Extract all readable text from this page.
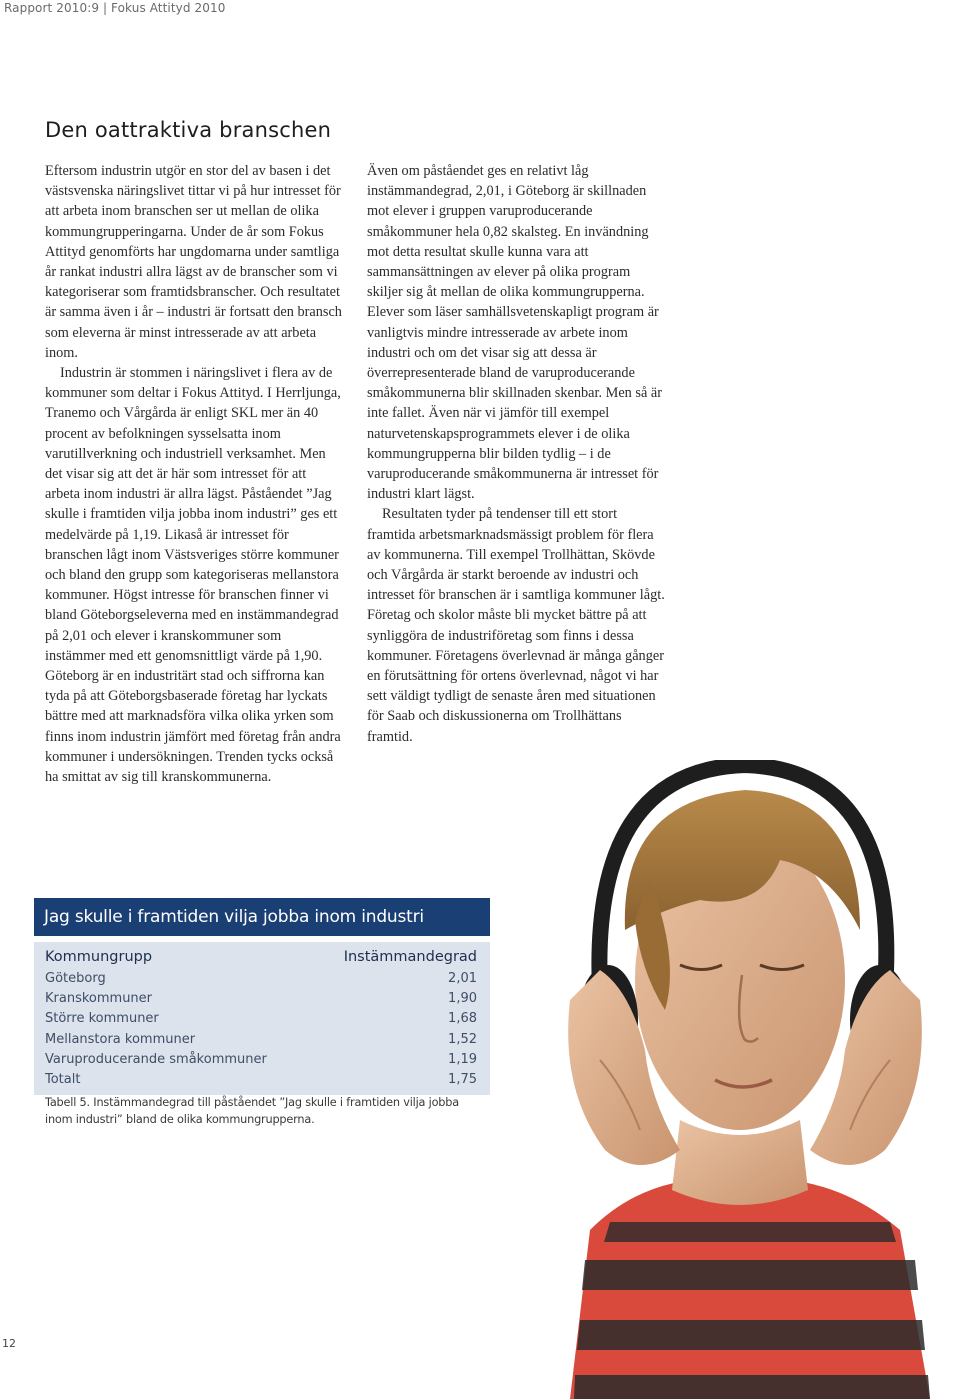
Rapport 2010:9 | Fokus Attityd 2010
Den oattraktiva branschen

Eftersom industrin utgör en stor del av basen i det västsvenska näringslivet tittar vi på hur intresset för att arbeta inom branschen ser ut mellan de olika kommungrupperingarna. Under de år som Fokus Attityd genomförts har ungdomarna under samtliga år rankat industri allra lägst av de branscher som vi kategoriserar som framtidsbranscher. Och resultatet är samma även i år – industri är fortsatt den bransch som eleverna är minst intresserade av att arbeta inom.

Industrin är stommen i näringslivet i flera av de kommuner som deltar i Fokus Attityd. I Herrljunga, Tranemo och Vårgårda är enligt SKL mer än 40 procent av befolkningen sysselsatta inom varutillverkning och industriell verksamhet. Men det visar sig att det är här som intresset för att arbeta inom industri är allra lägst. Påståendet ”Jag skulle i framtiden vilja jobba inom industri” ges ett medelvärde på 1,19. Likaså är intresset för branschen lågt inom Västsveriges större kommuner och bland den grupp som kategoriseras mellanstora kommuner. Högst intresse för branschen finner vi bland Göteborgseleverna med en instämmandegrad på 2,01 och elever i kranskommuner som instämmer med ett genomsnittligt värde på 1,90. Göteborg är en industritärt stad och siffrorna kan tyda på att Göteborgsbaserade företag har lyckats bättre med att marknadsföra vilka olika yrken som finns inom industrin jämfört med företag från andra kommuner i undersökningen. Trenden tycks också ha smittat av sig till kranskommunerna.

Även om påståendet ges en relativt låg instämmandegrad, 2,01, i Göteborg är skillnaden mot elever i gruppen varuproducerande småkommuner hela 0,82 skalsteg. En invändning mot detta resultat skulle kunna vara att sammansättningen av elever på olika program skiljer sig åt mellan de olika kommungrupperna. Elever som läser samhällsvetenskapligt program är vanligtvis mindre intresserade av arbete inom industri och om det visar sig att dessa är överrepresenterade bland de varuproducerande småkommunerna blir skillnaden skenbar. Men så är inte fallet. Även när vi jämför till exempel naturvetenskapsprogrammets elever i de olika kommungrupperna blir bilden tydlig – i de varuproducerande småkommunerna är intresset för industri klart lägst.

Resultaten tyder på tendenser till ett stort framtida arbetsmarknadsmässigt problem för flera av kommunerna. Till exempel Trollhättan, Skövde och Vårgårda är starkt beroende av industri och intresset för branschen är i samtliga kommuner lågt. Företag och skolor måste bli mycket bättre på att synliggöra de industriföretag som finns i dessa kommuner. Företagens överlevnad är många gånger en förutsättning för ortens överlevnad, något vi har sett väldigt tydligt de senaste åren med situationen för Saab och diskussionerna om Trollhättans framtid.

Jag skulle i framtiden vilja jobba inom industri
Kommungrupp	Instämmandegrad
Göteborg	2,01
Kranskommuner	1,90
Större kommuner	1,68
Mellanstora kommuner	1,52
Varuproducerande småkommuner	1,19
Totalt	1,75
Tabell 5. Instämmandegrad till påståendet ”Jag skulle i framtiden vilja jobba inom industri” bland de olika kommungrupperna.
12
